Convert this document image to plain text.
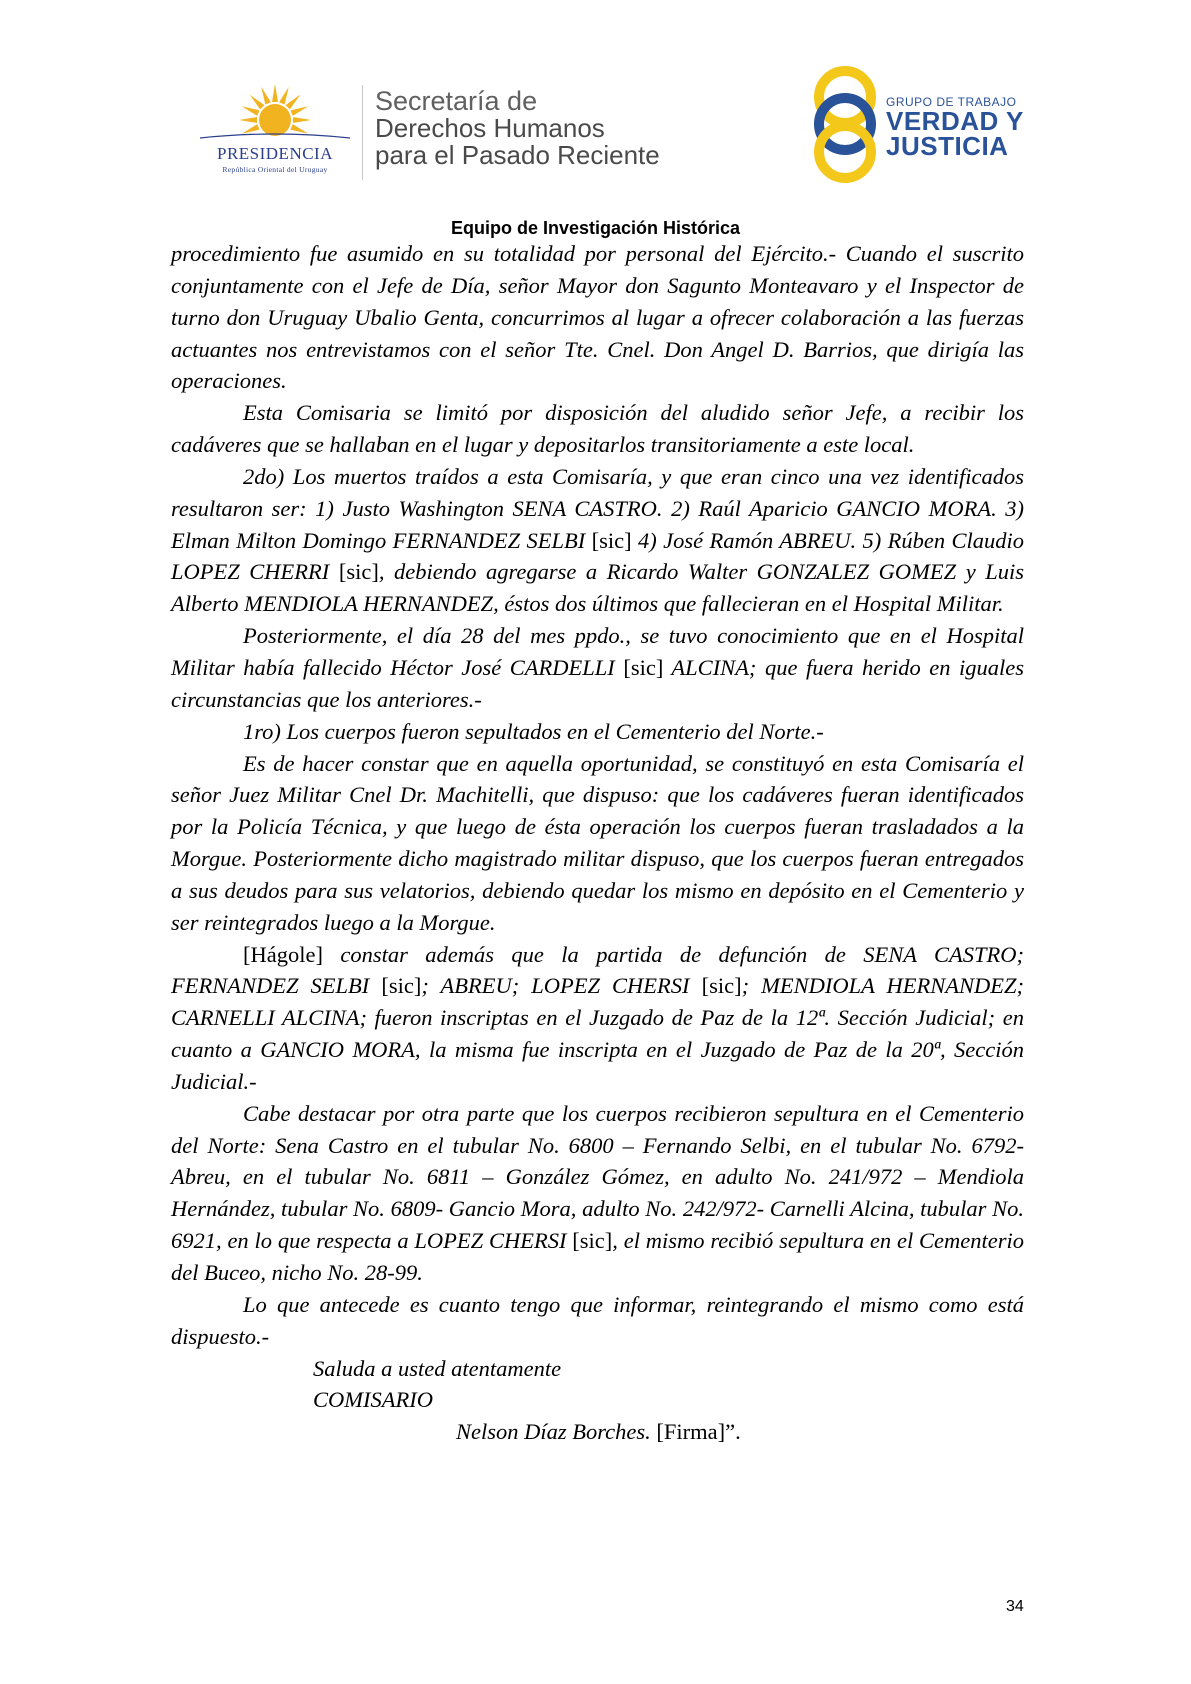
PRESIDENCIA
República Oriental del Uruguay
Secretaría de
Derechos Humanos
para el Pasado Reciente
GRUPO DE TRABAJO
VERDAD Y
JUSTICIA
Equipo de Investigación Histórica

procedimiento fue asumido en su totalidad por personal del Ejército.- Cuando el suscrito conjuntamente con el Jefe de Día, señor Mayor don Sagunto Monteavaro y el Inspector de turno don Uruguay Ubalio Genta, concurrimos al lugar a ofrecer colaboración a las fuerzas actuantes nos entrevistamos con el señor Tte. Cnel. Don Angel D. Barrios, que dirigía las operaciones.

Esta Comisaria se limitó por disposición del aludido señor Jefe, a recibir los cadáveres que se hallaban en el lugar y depositarlos transitoriamente a este local.

2do) Los muertos traídos a esta Comisaría, y que eran cinco una vez identificados resultaron ser: 1) Justo Washington SENA CASTRO. 2) Raúl Aparicio GANCIO MORA. 3) Elman Milton Domingo FERNANDEZ SELBI [sic] 4) José Ramón ABREU. 5) Rúben Claudio LOPEZ CHERRI [sic], debiendo agregarse a Ricardo Walter GONZALEZ GOMEZ y Luis Alberto MENDIOLA HERNANDEZ, éstos dos últimos que fallecieran en el Hospital Militar.

Posteriormente, el día 28 del mes ppdo., se tuvo conocimiento que en el Hospital Militar había fallecido Héctor José CARDELLI [sic] ALCINA; que fuera herido en iguales circunstancias que los anteriores.-

1ro) Los cuerpos fueron sepultados en el Cementerio del Norte.-

Es de hacer constar que en aquella oportunidad, se constituyó en esta Comisaría el señor Juez Militar Cnel Dr. Machitelli, que dispuso: que los cadáveres fueran identificados por la Policía Técnica, y que luego de ésta operación los cuerpos fueran trasladados a la Morgue. Posteriormente dicho magistrado militar dispuso, que los cuerpos fueran entregados a sus deudos para sus velatorios, debiendo quedar los mismo en depósito en el Cementerio y ser reintegrados luego a la Morgue.

[Hágole] constar además que la partida de defunción de SENA CASTRO; FERNANDEZ SELBI [sic]; ABREU; LOPEZ CHERSI [sic]; MENDIOLA HERNANDEZ; CARNELLI ALCINA; fueron inscriptas en el Juzgado de Paz de la 12ª. Sección Judicial; en cuanto a GANCIO MORA, la misma fue inscripta en el Juzgado de Paz de la 20ª, Sección Judicial.-

Cabe destacar por otra parte que los cuerpos recibieron sepultura en el Cementerio del Norte: Sena Castro en el tubular No. 6800 – Fernando Selbi, en el tubular No. 6792- Abreu, en el tubular No. 6811 – González Gómez, en adulto No. 241/972 – Mendiola Hernández, tubular No. 6809- Gancio Mora, adulto No. 242/972- Carnelli Alcina, tubular No. 6921, en lo que respecta a LOPEZ CHERSI [sic], el mismo recibió sepultura en el Cementerio del Buceo, nicho No. 28-99.

Lo que antecede es cuanto tengo que informar, reintegrando el mismo como está dispuesto.-

Saluda a usted atentamente
COMISARIO
Nelson Díaz Borches. [Firma]”.
34
